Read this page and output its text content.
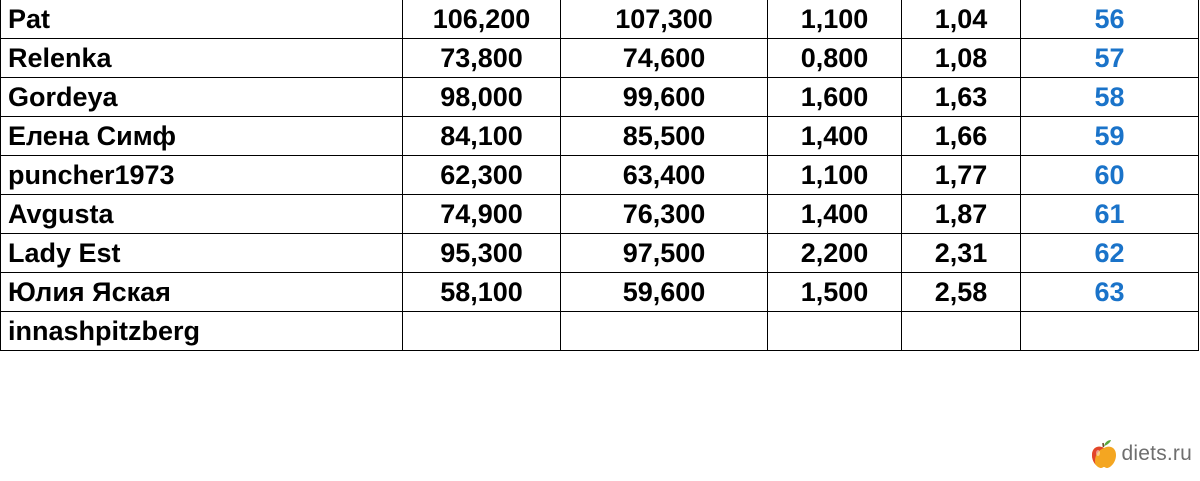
Pat	106,200	107,300	1,100	1,04	56
Relenka	73,800	74,600	0,800	1,08	57
Gordeya	98,000	99,600	1,600	1,63	58
Елена Симф	84,100	85,500	1,400	1,66	59
puncher1973	62,300	63,400	1,100	1,77	60
Avgusta	74,900	76,300	1,400	1,87	61
Lady Est	95,300	97,500	2,200	2,31	62
Юлия Яская	58,100	59,600	1,500	2,58	63
innashpitzberg					
diets.ru
